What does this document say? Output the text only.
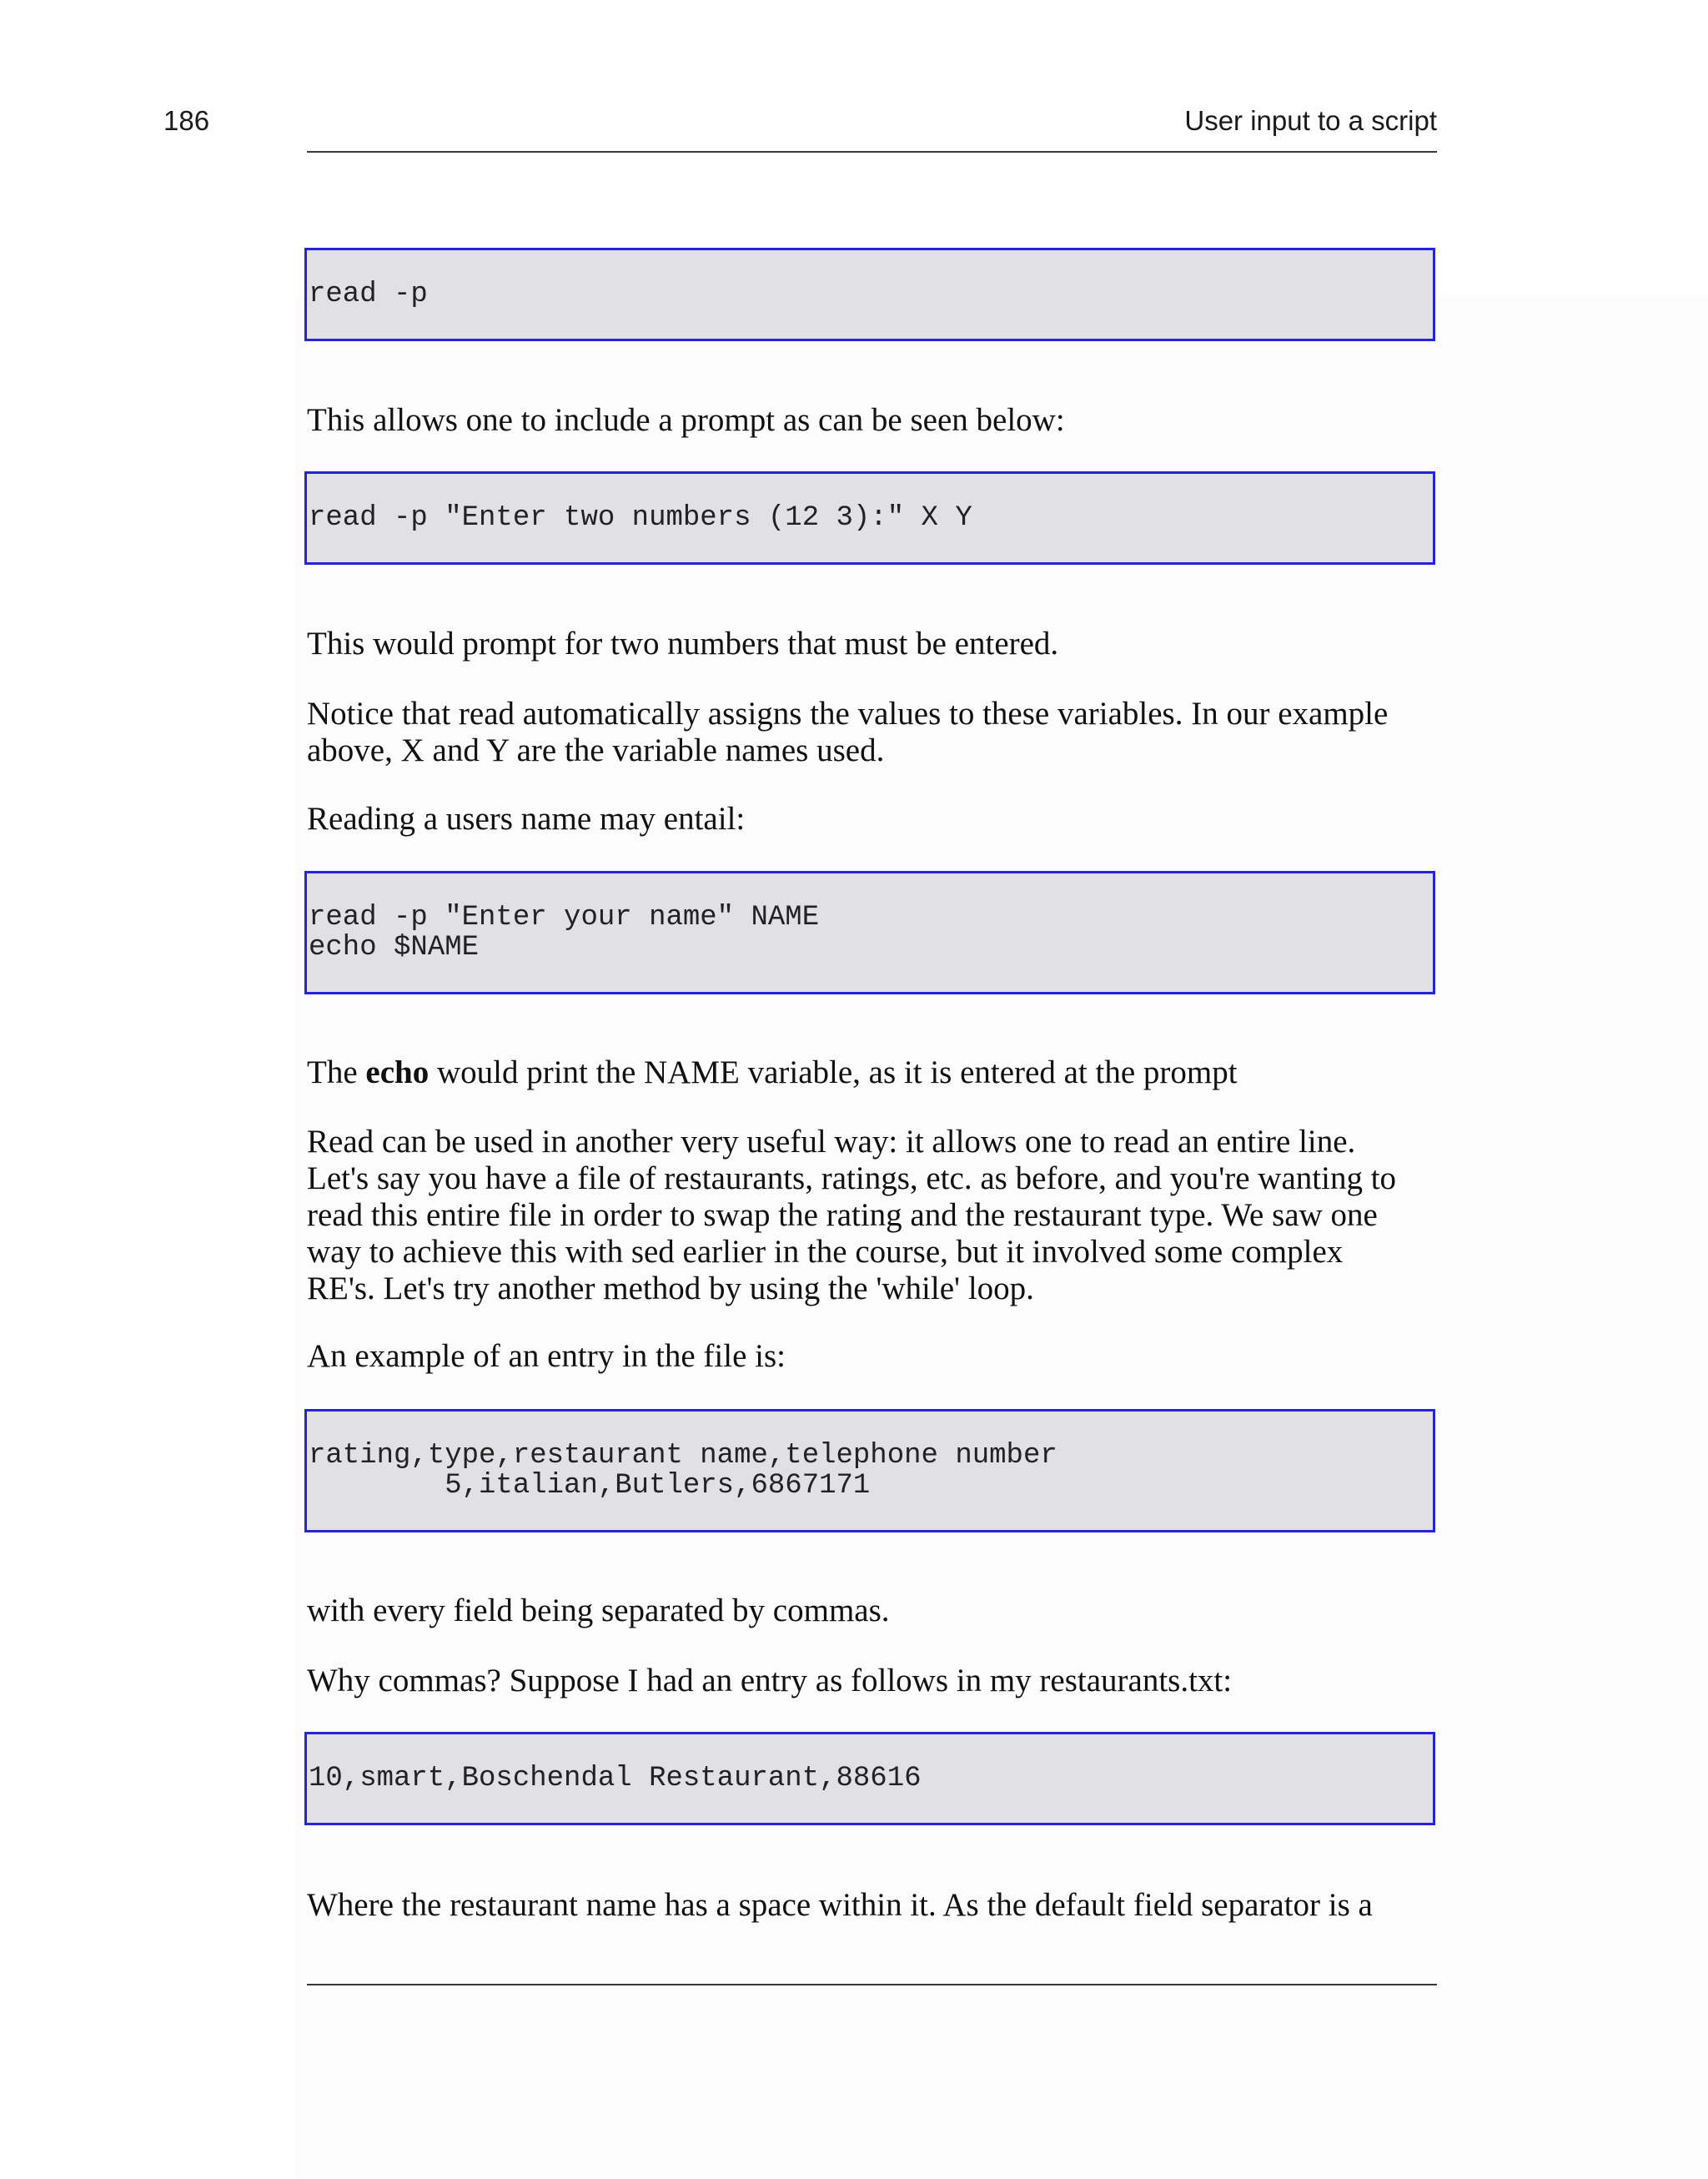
186	User input to a script
read -p
This allows one to include a prompt as can be seen below:
read -p "Enter two numbers (12 3):" X Y
This would prompt for two numbers that must be entered.
Notice that read automatically assigns the values to these variables. In our example
above, X and Y are the variable names used.
Reading a users name may entail:
read -p "Enter your name" NAME
echo $NAME
The echo would print the NAME variable, as it is entered at the prompt
Read can be used in another very useful way: it allows one to read an entire line.
Let's say you have a file of restaurants, ratings, etc. as before, and you're wanting to
read this entire file in order to swap the rating and the restaurant type. We saw one
way to achieve this with sed earlier in the course, but it involved some complex
RE's. Let's try another method by using the 'while' loop.
An example of an entry in the file is:
rating,type,restaurant name,telephone number
5,italian,Butlers,6867171
with every field being separated by commas.
Why commas? Suppose I had an entry as follows in my restaurants.txt:
10,smart,Boschendal Restaurant,88616
Where the restaurant name has a space within it. As the default field separator is a
